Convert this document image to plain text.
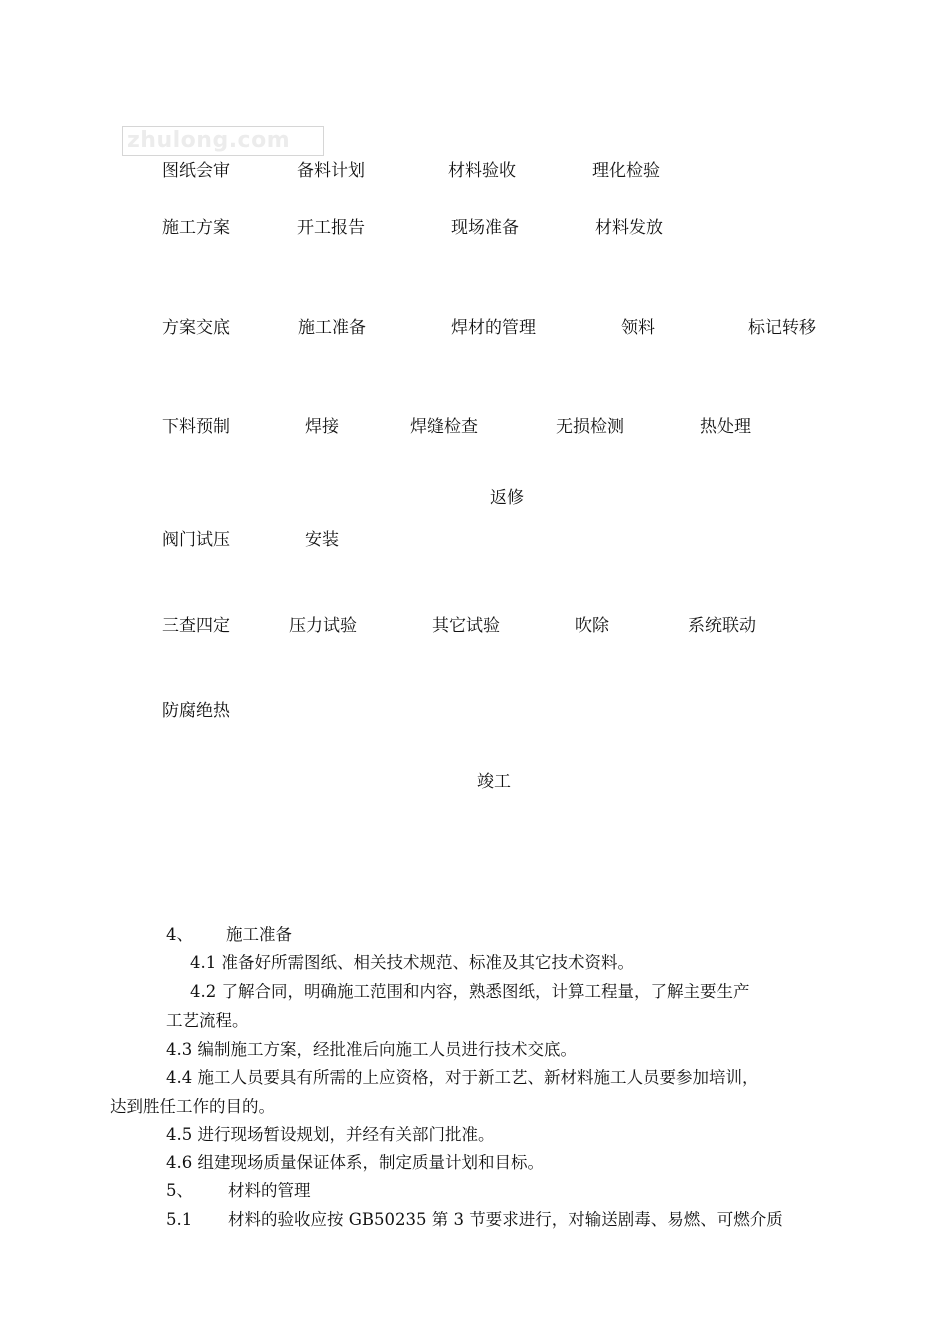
zhulong.com
图纸会审	备料计划	材料验收	理化检验
施工方案	开工报告	现场准备	材料发放
方案交底	施工准备	焊材的管理	领料	标记转移
下料预制	焊接	焊缝检查	无损检测	热处理
返修
阀门试压	安装
三查四定	压力试验	其它试验	吹除	系统联动
防腐绝热
竣工
4、 施工准备
4.1 准备好所需图纸、相关技术规范、标准及其它技术资料。
4.2 了解合同，明确施工范围和内容，熟悉图纸，计算工程量，了解主要生产
工艺流程。
4.3 编制施工方案，经批准后向施工人员进行技术交底。
4.4 施工人员要具有所需的上应资格，对于新工艺、新材料施工人员要参加培训，
达到胜任工作的目的。
4.5 进行现场暂设规划，并经有关部门批准。
4.6 组建现场质量保证体系，制定质量计划和目标。
5、 材料的管理
5.1 材料的验收应按 GB50235 第 3 节要求进行，对输送剧毒、易燃、可燃介质
